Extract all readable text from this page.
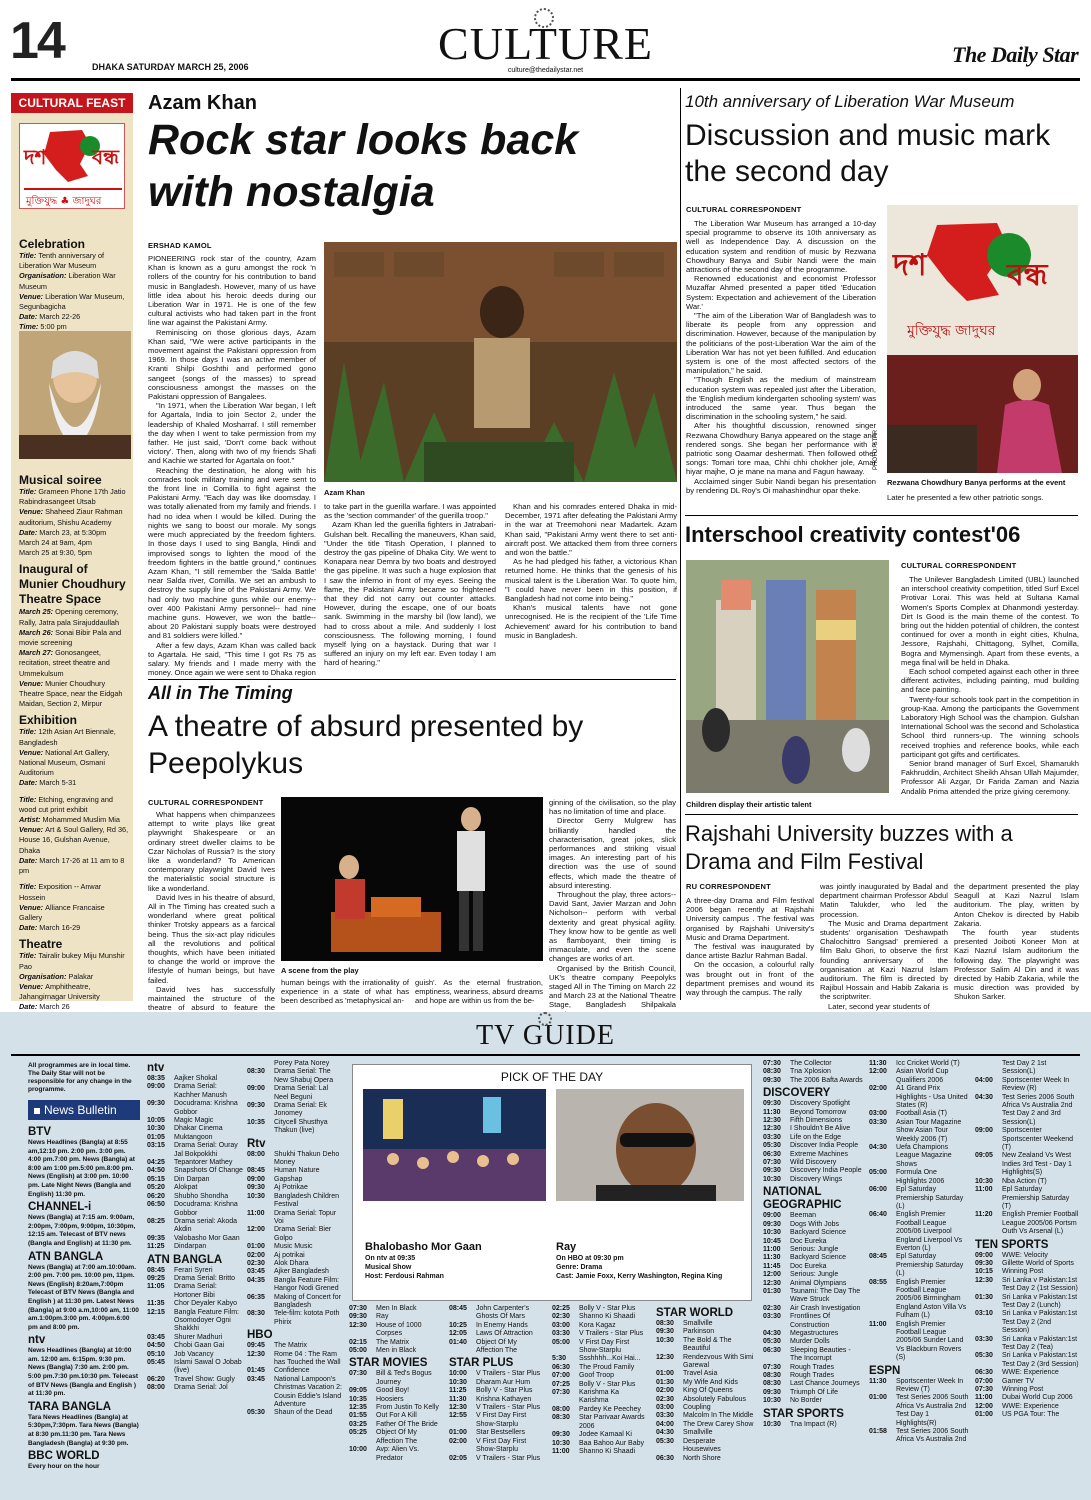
14	DHAKA SATURDAY MARCH 25, 2006	CULTURE
culture@thedailystar.net
The Daily Star
CULTURAL FEAST
দশ বন্ধ
মুক্তিযুদ্ধ ♣ জাদুঘর
Celebration
Title: Tenth anniversary of Liberation War Museum
Organisation: Liberation War Museum
Venue: Liberation War Museum, Segunbagicha
Date: March 22-26
Time: 5:00 pm
Musical soiree
Title: Grameen Phone 17th Jatio Rabindrasangeet Utsab
Venue: Shaheed Ziaur Rahman auditorium, Shishu Academy
Date: March 23, at 5:30pm
March 24 at 9am, 4pm
March 25 at 9:30, 5pm
Inaugural of Munier Choudhury Theatre Space
March 25: Opening ceremony, Rally, Jatra pala Sirajuddaullah
March 26: Sonai Bibir Pala and movie screening
March 27: Gonosangeet, recitation, street theatre and Ummekulsum
Venue: Munier Choudhury Theatre Space, near the Eidgah Maidan, Section 2, Mirpur
Exhibition
Title: 12th Asian Art Biennale, Bangladesh
Venue: National Art Gallery, National Museum, Osmani Auditorium
Date: March 5-31
Title: Etching, engraving and wood cut print exhibit
Artist: Mohammed Muslim Mia
Venue: Art & Soul Gallery, Rd 36, House 16, Gulshan Avenue, Dhaka
Date: March 17-26 at 11 am to 8 pm
Title: Exposition -- Anwar Hossein
Venue: Alliance Francaise Gallery
Date: March 16-29
Theatre
Title: Tairalir bukey Miju Munshir Pao
Organisation: Palakar
Venue: Amphitheatre, Jahangirnagar University
Date: March 26
Azam Khan
Rock star looks back with nostalgia
ERSHAD KAMOL

PIONEERING rock star of the country, Azam Khan is known as a guru amongst the rock 'n rollers of the country for his contribution to band music in Bangladesh. However, many of us have little idea about his heroic deeds during our Liberation War in 1971. He is one of the few cultural activists who had taken part in the front line war against the Pakistani Army.

Reminiscing on those glorious days, Azam Khan said, "We were active participants in the movement against the Pakistani oppression from 1969. In those days I was an active member of Kranti Shilpi Goshthi and performed gono sangeet (songs of the masses) to spread consciousness amongst the masses on the Pakistani oppression of Bangalees.

"In 1971, when the Liberation War began, I left for Agartala, India to join Sector 2, under the leadership of Khaled Mosharraf. I still remember the day when I went to take permission from my father. He just said, 'Don't come back without victory'. Then, along with two of my friends Shafi and Kachie we started for Agartala on foot."

Reaching the destination, he along with his comrades took military training and were sent to the front line in Comilla to fight against the Pakistani Army. "Each day was like doomsday. I was totally alienated from my family and friends. I had no idea when I would be killed. During the nights we sang to boost our morale. My songs were much appreciated by the freedom fighters. In those days I used to sing Bangla, Hindi and improvised songs to lighten the mood of the freedom fighters in the battle ground," continues Azam Khan, "I still remember the 'Salda Battle' near Salda river, Comilla. We set an ambush to destroy the supply line of the Pakistani Army. We had only two machine guns while our enemy--over 400 Pakistani Army personnel-- had nine machine guns. However, we won the battle-- about 20 Pakistani supply boats were destroyed and 81 soldiers were killed."

After a few days, Azam Khan was called back to Agartala. He said, "This time I got Rs 75 as salary. My friends and I made merry with the money. Once again we were sent to Dhaka region

Azam Khan

to take part in the guerilla warfare. I was appointed as the 'section commander' of the guerilla troop."

Azam Khan led the guerilla fighters in Jatrabari-Gulshan belt. Recalling the maneuvers, Khan said, "Under the title Titash Operation, I planned to destroy the gas pipeline of Dhaka City. We went to Konapara near Demra by two boats and destroyed the gas pipeline. It was such a huge explosion that I saw the inferno in front of my eyes. Seeing the flame, the Pakistani Army became so frightened that they did not carry out counter attacks. However, during the escape, one of our boats sank. Swimming in the marshy bil (low land), we had to cross about a mile. And suddenly I lost consciousness. The following morning, I found myself lying on a haystack. During that war I suffered an injury on my left ear. Even today I am hard of hearing."

Khan and his comrades entered Dhaka in mid-December, 1971 after defeating the Pakistani Army in the war at Treemohoni near Madartek. Azam Khan said, "Pakistani Army went there to set anti-aircraft post. We attacked them from three corners and won the battle."

As he had pledged his father, a victorious Khan returned home. He thinks that the genesis of his musical talent is the Liberation War. To quote him, "I could have never been in this position, if Bangladesh had not come into being."

Khan's musical talents have not gone unrecognised. He is the recipient of the 'Life Time Achievement' award for his contribution to band music in Bangladesh.

All in The Timing
A theatre of absurd presented by Peepolykus
CULTURAL CORRESPONDENT

What happens when chimpanzees attempt to write plays like great playwright Shakespeare or an ordinary street dweller claims to be Czar Nicholas of Russia? Is the story like a wonderland? To American contemporary playwright David Ives the materialistic social structure is like a wonderland.

David Ives in his theatre of absurd, All in The Timing has created such a wonderland where great political thinker Trotsky appears as a farcical being. Thus the six-act play ridicules all the revolutions and political thoughts, which have been initiated to change the world or improve the lifestyle of human beings, but have failed.

David Ives has successfully maintained the structure of the theatre of absurd to feature the

A scene from the play

human beings with the irrationality of experience in a state of what has been described as 'metaphysical an-

guish'. As the eternal frustration, emptiness, weariness, absurd dreams and hope are within us from the be-

ginning of the civilisation, so the play has no limitation of time and place.

Director Gerry Mulgrew has brilliantly handled the characterisation, great jokes, slick performances and striking visual images. An interesting part of his direction was the use of sound effects, which made the theatre of absurd interesting.

Throughout the play, three actors-- David Sant, Javier Marzan and John Nicholson-- perform with verbal dexterity and great physical agility. They know how to be gentle as well as flamboyant, their timing is immaculate, and even the scene changes are works of art.

Organised by the British Council, UK's theatre company Peepolyks staged All in The Timing on March 22 and March 23 at the National Theatre Stage, Bangladesh Shilpakala

10th anniversary of Liberation War Museum
Discussion and music mark the second day
CULTURAL CORRESPONDENT

The Liberation War Museum has arranged a 10-day special programme to observe its 10th anniversary as well as Independence Day. A discussion on the education system and rendition of music by Rezwana Chowdhury Banya and Subir Nandi were the main attractions of the second day of the programme.

Renowned educationist and economist Professor Muzaffar Ahmed presented a paper titled 'Education System: Expectation and achievement of the Liberation War.'

"The aim of the Liberation War of Bangladesh was to liberate its people from any oppression and discrimination. However, because of the manipulation by the politicians of the post-Liberation War the aim of the Liberation War has not yet been fulfilled. And education system is one of the most affected sectors of the manipulation," he said.

"Though English as the medium of mainstream education system was repealed just after the Liberation, the 'English medium kindergarten schooling system' was introduced the same year. Thus began the discrimination in the schooling system," he said.

After his thoughtful discussion, renowned singer Rezwana Chowdhury Banya appeared on the stage and rendered songs. She began her performance with a patriotic song Oaamar deshermati. Then followed other songs: Tomari tore maa, Chhi chhi chokher jole, Amar hiyar majhe, O je mane na mana and Fagun hawaay.

Acclaimed singer Subir Nandi began his presentation by rendering DL Roy's Oi mahashindhur opar theke.

দশ	বন্ধ
মুক্তিযুদ্ধ জাদুঘর
PHOTO: STAR
Rezwana Chowdhury Banya performs at the event
Later he presented a few other patriotic songs.
Interschool creativity contest'06
Children display their artistic talent
CULTURAL CORRESPONDENT

The Unilever Bangladesh Limited (UBL) launched an interschool creativity competition, titled Surf Excel Protivar Lorai. This was held at Sultana Kamal Women's Sports Complex at Dhanmondi yesterday. Dirt Is Good is the main theme of the contest. To bring out the hidden potential of children, the contest continued for over a month in eight cities, Khulna, Jessore, Rajshahi, Chittagong, Sylhet, Comilla, Bogra and Mymensingh. Apart from these events, a mega final will be held in Dhaka.

Each school competed against each other in three different activites, including painting, mud building and face painting.

Twenty-four schools took part in the competition in group-Kaa. Among the participants the Government Laboratory High School was the champion. Gulshan International School was the second and Scholastica School third runners-up. The winning schools received trophies and reference books, while each participant got gifts and certificates.

Senior brand manager of Surf Excel, Shamarukh Fakhruddin, Architect Sheikh Ahsan Ullah Majumder, Professor Ali Azgar, Dr Farida Zaman and Nazia Andalib Prima attended the prize giving ceremony.

Rajshahi University buzzes with a Drama and Film Festival
RU CORRESPONDENT

A three-day Drama and Film festival 2006 began recently at Rajshahi University campus . The festival was organised by Rajshahi University's Music and Drama Department.

The festival was inaugurated by dance artiste Bazlur Rahman Badal.

On the occasion, a colourful rally was brought out in front of the department premises and wound its way through the campus. The rally

was jointly inaugurated by Badal and department chairman Professor Abdul Matin Talukder, who led the procession.

The Music and Drama department students' organisation 'Deshawpath Chalochittro Sangsad' premiered a film Balu Ghori, to observe the first founding anniversary of the organisation at Kazi Nazrul Islam auditorium. The film is directed by Rajibul Hossain and Habib Zakaria is the scriptwriter.

Later, second year students of

the department presented the play Seagull at Kazi Nazrul Islam auditorium. The play, written by Anton Chekov is directed by Habib Zakaria.

The fourth year students presented Joiboti Koneer Mon at Kazi Nazrul Islam auditorium the following day. The playwright was Professor Salim Al Din and it was directed by Habib Zakaria, while the music direction was provided by Shukon Sarker.

TV GUIDE
All programmes are in local time. The Daily Star will not be responsible for any change in the programme.
News Bulletin
BTV
News Headlines (Bangla) at 8:55 am,12:10 pm. 2:00 pm. 3:00 pm. 4:00 pm.7:00 pm. News (Bangla) at 8:00 am 1:00 pm.5:00 pm.8:00 pm. News (English) at 3:00 pm. 10:00 pm. Late Night News (Bangla and English) 11:30 pm.
CHANNEL-i
News (Bangla) at 7:15 am. 9:00am, 2:00pm, 7:00pm, 9:00pm, 10:30pm, 12:15 am. Telecast of BTV news (Bangla and English) at 11:30 pm.
ATN BANGLA
News (Bangla) at 7:00 am.10:00am. 2:00 pm. 7:00 pm. 10:00 pm, 11pm. News (English) 8:20am,7:00pm Telecast of BTV News (Bangla and English ) at 11:30 pm. Latest News (Bangla) at 9:00 a.m,10:00 am, 11:00 am.1:00pm.3:00 pm. 4:00pm.6:00 pm and 8:00 pm.
ntv
News Headlines (Bangla) at 10:00 am. 12:00 am. 6:15pm. 9:30 pm. News (Bangla) 7:30 am. 2:00 pm. 5:00 pm.7:30 pm.10:30 pm. Telecast of BTV News (Bangla and English ) at 11:30 pm.
TARA BANGLA
Tara News Headlines (Bangla) at 5:30pm,7:30pm. Tara News (Bangla) at 8:30 pm.11:30 pm. Tara News Bangladesh (Bangla) at 9:30 pm.
BBC WORLD
Every hour on the hour
ntv
08:35	Aajker Shokal
09:00	Drama Serial: Kachher Manush
09:30	Docudrama: Krishna Gobbor
10:05	Magic Magic
10:30	Dhakar Cinema
01:05	Muktangoon
03:15	Drama Serial: Ouray Jal Bokpokkhi
04:25	Tepantorer Mathey
04:50	Snapshots Of Change
05:15	Din Darpan
05:20	Alokpat
06:20	Shubho Shondha
06:50	Docudrama: Krishna Gobbor
08:25	Drama serial: Akoda Akdin
09:35	Valobasho Mor Gaan
11:25	Dindarpan
ATN BANGLA
08:45	Ferari Syreri
09:25	Drama Serial: Britto
11:05	Drama Serial: Hortoner Bibi
11:35	Chor Deyaler Kabyo
12:15	Bangla Feature Film: Osomodoyer Ogni Shakkhi
03:45	Shurer Madhuri
04:50	Chobi Gaan Gai
05:10	Job Vacancy
05:45	Islami Sawal O Jobab (live)
06:20	Travel Show: Gugly
08:00	Drama Serial: Jol
Porey Pata Norey
08:30	Drama Serial: The New Shabuj Opera
09:00	Drama Serial: Lal Neel Beguni
09:30	Drama Serial: Ek Jonomey
10:35	Citycell Shusthya Thakun (live)
Rtv
08:00	Shukhi Thakun Deho Money
08:45	Human Nature
09:00	Gapshap
09:30	Aj Potrikae
10:30	Bangladesh Children Festival
11:00	Drama Serial: Topur Voi
12:00	Drama Serial: Bier Golpo
01:00	Music Music
02:00	Aj potrikai
02:30	Alok Dhara
03:45	Ajker Bangladesh
04:35	Bangla Feature Film: Hangor Nodi Grened
06:35	Making of Concert for Bangladesh
08:30	Tele-film: kotota Poth Phirix
HBO
09:45	The Matrix
12:30	Rome 04 : The Ram has Touched the Wall
01:45	Confidence
03:45	National Lampoon's Christmas Vacation 2: Cousin Eddie's Island Adventure
05:30	Shaun of the Dead
PICK OF THE DAY
Bhalobasho Mor Gaan
On ntv at 09:35
Musical Show
Host: Ferdousi Rahman
Ray
On HBO at 09:30 pm
Genre: Drama
Cast: Jamie Foxx, Kerry Washington, Regina King
07:30	Men In Black
09:30	Ray
12:30	House of 1000 Corpses
02:15	The Matrix
05:00	Men in Black
STAR MOVIES
07:30	Bill & Ted's Bogus Journey
09:05	Good Boy!
10:35	Hoosiers
12:35	From Justin To Kelly
01:55	Out For A Kill
03:25	Father Of The Bride
05:25	Object Of My Affection The
10:00	Avp: Alien Vs. Predator
08:45	John Carpenter's Ghosts Of Mars
10:25	In Enemy Hands
12:05	Laws Of Attraction
01:40	Object Of My Affection The
STAR PLUS
10:00	V Trailers - Star Plus
10:30	Dharam Aur Hum
11:25	Bolly V - Star Plus
11:30	Krishna Kathayen
12:30	V Trailers - Star Plus
12:55	V First Day First Show-Starplu
01:00	Star Bestsellers
02:00	V First Day First Show-Starplu
02:05	V Trailers - Star Plus
02:25	Bolly V - Star Plus
02:30	Shanno Ki Shaadi
03:00	Kora Kagaz
03:30	V Trailers - Star Plus
05:00	V First Day First Show-Starplu
5:30	Ssshhhh...Koi Hai...
06:30	The Proud Family
07:00	Goof Troop
07:25	Bolly V - Star Plus
07:30	Karishma Ka Karishma
08:00	Pardey Ke Peechey
08:30	Star Parivaar Awards 2006
09:30	Jodee Kamaal Ki
10:30	Baa Bahoo Aur Baby
11:00	Shanno Ki Shaadi
STAR WORLD
08:30	Smallville
09:30	Parkinson
10:30	The Bold & The Beautiful
12:30	Rendezvous With Simi Garewal
01:00	Travel Asia
01:30	My Wife And Kids
02:00	King Of Queens
02:30	Absolutely Fabulous
03:00	Coupling
03:30	Malcolm In The Middle
04:00	The Drew Carey Show
04:30	Smallville
05:30	Desperate Housewives
06:30	North Shore
07:30	The Collector
08:30	Tna Xplosion
09:30	The 2006 Bafta Awards
DISCOVERY
09:30	Discovery Spotlight
11:30	Beyond Tomorrow
12:30	Fifth Dimensions
12:30	I Shouldn't Be Alive
03:30	Life on the Edge
05:30	Discover India People
06:30	Extreme Machines
07:30	Wild Discovery
09:30	Discovery India People
10:30	Discovery Wings
NATIONAL GEOGRAPHIC
09:00	Beeman
09:30	Dogs With Jobs
10:30	Backyard Science
10:45	Doc Eureka
11:00	Serious: Jungle
11:30	Backyard Science
11:45	Doc Eureka
12:00	Serious: Jungle
12:30	Animal Olympians
01:30	Tsunami: The Day The Wave Struck
02:30	Air Crash Investigation
03:30	Frontlines Of Construction
04:30	Megastructures
05:30	Murder Dolls
06:30	Sleeping Beauties - The Incorrupt
07:30	Rough Trades
08:30	Rough Trades
08:30	Last Chance Journeys
09:30	Triumph Of Life
10:30	No Border
STAR SPORTS
10:30	Tna Impact (R)
11:30	Icc Cricket World (T)
12:00	Asian World Cup Qualifiers 2006
02:00	A1 Grand Prix Highlights - Usa United States (R)
03:00	Football Asia (T)
03:30	Asian Tour Magazine Show Asian Tour Weekly 2006 (T)
04:30	Uefa Champions League Magazine Shows
05:00	Formula One Highlights 2006
06:00	Epl Saturday Premiership Saturday (L)
06:40	English Premier Football League 2005/06 Liverpool England Liverpool Vs Everton (L)
08:45	Epl Saturday Premiership Saturday (L)
08:55	English Premier Football League 2005/06 Birmingham England Aston Villa Vs Fulham (L)
11:00	English Premier Football League 2005/06 Sunder Land Vs Blackburn Rovers (S)
ESPN
11:30	Sportscenter Week In Review (T)
01:00	Test Series 2006 South Africa Vs Australia 2nd Test Day 1 Highlights(R)
01:58	Test Series 2006 South Africa Vs Australia 2nd
Test Day 2 1st Session(L)
04:00	Sportscenter Week In Review (R)
04:30	Test Series 2006 South Africa Vs Australia 2nd Test Day 2 and 3rd Session(L)
09:00	Sportscenter Sportscenter Weekend (T)
09:05	New Zealand Vs West Indies 3rd Test - Day 1 Highlights(S)
10:30	Nba Action (T)
11:00	Epl Saturday Premiership Saturday (T)
11:20	English Premier Football League 2005/06 Portsm Outh Vs Arsenal (L)
TEN SPORTS
09:00	WWE: Velocity
09:30	Gillette World of Sports
10:15	Winning Post
12:30	Sri Lanka v Pakistan:1st Test Day 2 (1st Session)
01:30	Sri Lanka v Pakistan:1st Test Day 2 (Lunch)
03:10	Sri Lanka v Pakistan:1st Test Day 2 (2nd Session)
03:30	Sri Lanka v Pakistan:1st Test Day 2 (Tea)
05:30	Sri Lanka v Pakistan:1st Test Day 2 (3rd Session)
06:30	WWE: Experience
07:00	Gamer TV
07:30	Winning Post
11:00	Dubai World Cup 2006
12:00	WWE: Experience
01:00	US PGA Tour: The
